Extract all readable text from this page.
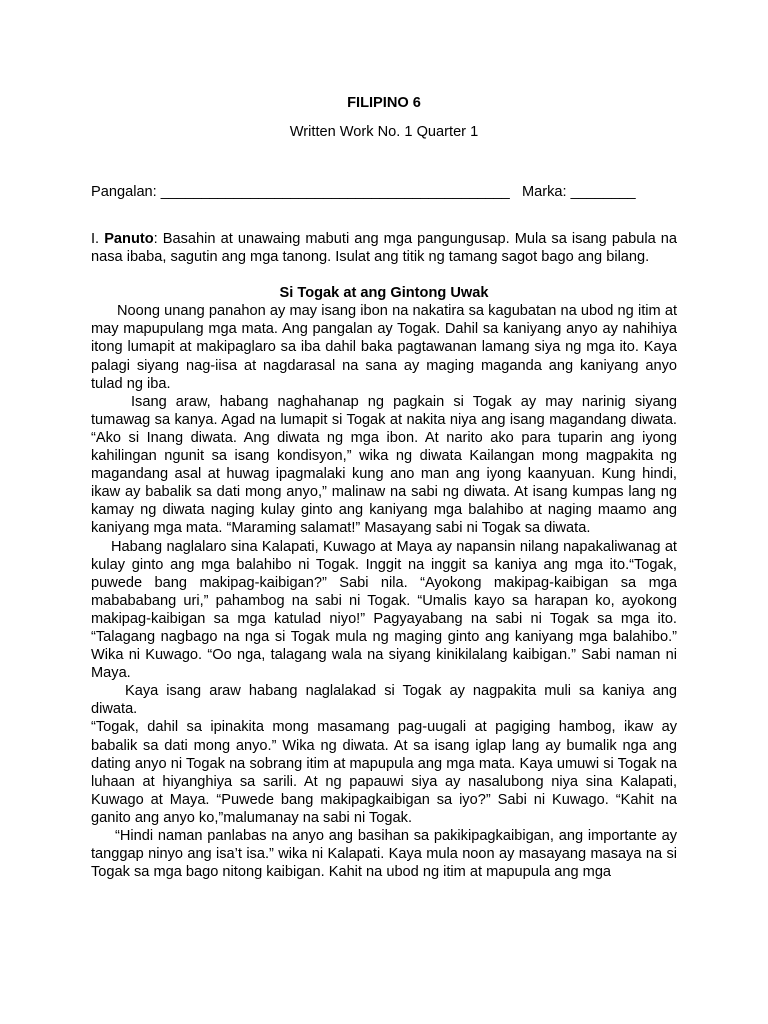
FILIPINO 6
Written Work No. 1 Quarter 1
Pangalan: ___________________________________________ Marka: ________

I. Panuto: Basahin at unawaing mabuti ang mga pangungusap. Mula sa isang pabula na nasa ibaba, sagutin ang mga tanong. Isulat ang titik ng tamang sagot bago ang bilang.

Si Togak at ang Gintong Uwak

Noong unang panahon ay may isang ibon na nakatira sa kagubatan na ubod ng itim at may mapupulang mga mata. Ang pangalan ay Togak. Dahil sa kaniyang anyo ay nahihiya itong lumapit at makipaglaro sa iba dahil baka pagtawanan lamang siya ng mga ito. Kaya palagi siyang nag-iisa at nagdarasal na sana ay maging maganda ang kaniyang anyo tulad ng iba.

Isang araw, habang naghahanap ng pagkain si Togak ay may narinig siyang tumawag sa kanya. Agad na lumapit si Togak at nakita niya ang isang magandang diwata. “Ako si Inang diwata. Ang diwata ng mga ibon. At narito ako para tuparin ang iyong kahilingan ngunit sa isang kondisyon,” wika ng diwata Kailangan mong magpakita ng magandang asal at huwag ipagmalaki kung ano man ang iyong kaanyuan. Kung hindi, ikaw ay babalik sa dati mong anyo,” malinaw na sabi ng diwata. At isang kumpas lang ng kamay ng diwata naging kulay ginto ang kaniyang mga balahibo at naging maamo ang kaniyang mga mata. “Maraming salamat!” Masayang sabi ni Togak sa diwata.

Habang naglalaro sina Kalapati, Kuwago at Maya ay napansin nilang napakaliwanag at kulay ginto ang mga balahibo ni Togak. Inggit na inggit sa kaniya ang mga ito.“Togak, puwede bang makipag-kaibigan?” Sabi nila. “Ayokong makipag-kaibigan sa mga mabababang uri,” pahambog na sabi ni Togak. “Umalis kayo sa harapan ko, ayokong makipag-kaibigan sa mga katulad niyo!” Pagyayabang na sabi ni Togak sa mga ito. “Talagang nagbago na nga si Togak mula ng maging ginto ang kaniyang mga balahibo.” Wika ni Kuwago. “Oo nga, talagang wala na siyang kinikilalang kaibigan.” Sabi naman ni Maya.

Kaya isang araw habang naglalakad si Togak ay nagpakita muli sa kaniya ang diwata.

“Togak, dahil sa ipinakita mong masamang pag-uugali at pagiging hambog, ikaw ay babalik sa dati mong anyo.” Wika ng diwata. At sa isang iglap lang ay bumalik nga ang dating anyo ni Togak na sobrang itim at mapupula ang mga mata. Kaya umuwi si Togak na luhaan at hiyanghiya sa sarili. At ng papauwi siya ay nasalubong niya sina Kalapati, Kuwago at Maya. “Puwede bang makipagkaibigan sa iyo?” Sabi ni Kuwago. “Kahit na ganito ang anyo ko,”malumanay na sabi ni Togak.

“Hindi naman panlabas na anyo ang basihan sa pakikipagkaibigan, ang importante ay tanggap ninyo ang isa’t isa.” wika ni Kalapati. Kaya mula noon ay masayang masaya na si Togak sa mga bago nitong kaibigan. Kahit na ubod ng itim at mapupula ang mga
